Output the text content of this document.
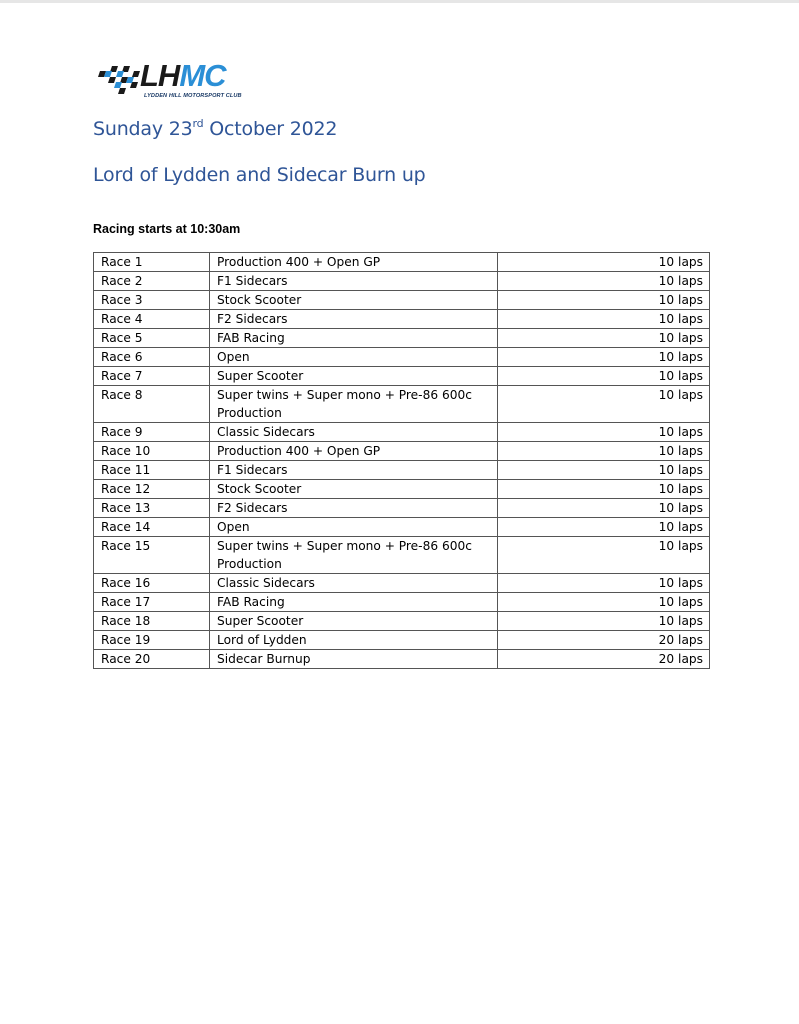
LHMC
LYDDEN HILL MOTORSPORT CLUB
Sunday 23rd October 2022
Lord of Lydden and Sidecar Burn up
Racing starts at 10:30am
Race 1	Production 400 + Open GP	10 laps
Race 2	F1 Sidecars	10 laps
Race 3	Stock Scooter	10 laps
Race 4	F2 Sidecars	10 laps
Race 5	FAB Racing	10 laps
Race 6	Open	10 laps
Race 7	Super Scooter	10 laps
Race 8	Super twins + Super mono + Pre-86 600c Production	10 laps
Race 9	Classic Sidecars	10 laps
Race 10	Production 400 + Open GP	10 laps
Race 11	F1 Sidecars	10 laps
Race 12	Stock Scooter	10 laps
Race 13	F2 Sidecars	10 laps
Race 14	Open	10 laps
Race 15	Super twins + Super mono + Pre-86 600c Production	10 laps
Race 16	Classic Sidecars	10 laps
Race 17	FAB Racing	10 laps
Race 18	Super Scooter	10 laps
Race 19	Lord of Lydden	20 laps
Race 20	Sidecar Burnup	20 laps
